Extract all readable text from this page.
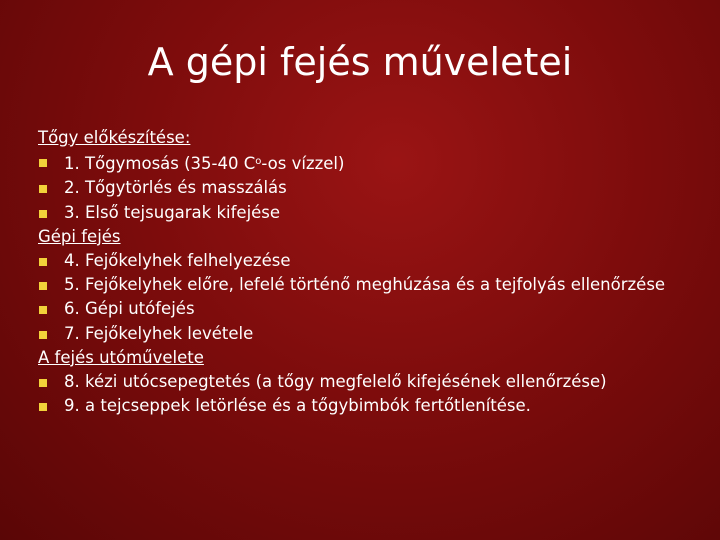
A gépi fejés műveletei
Tőgy előkészítése:
1. Tőgymosás (35-40 $C^o-os$ vízzel)
2. Tőgytörlés és masszálás
3. Első tejsugarak kifejése
Gépi fejés
4. Fejőkelyhek felhelyezése
5. Fejőkelyhek előre, lefelé történő meghúzása és a tejfolyás ellenőrzése
6. Gépi utófejés
7. Fejőkelyhek levétele
A fejés utóművelete
8. kézi utócsepegtetés (a tőgy megfelelő kifejésének ellenőrzése)
9. a tejcseppek letörlése és a tőgybimbók fertőtlenítése.
